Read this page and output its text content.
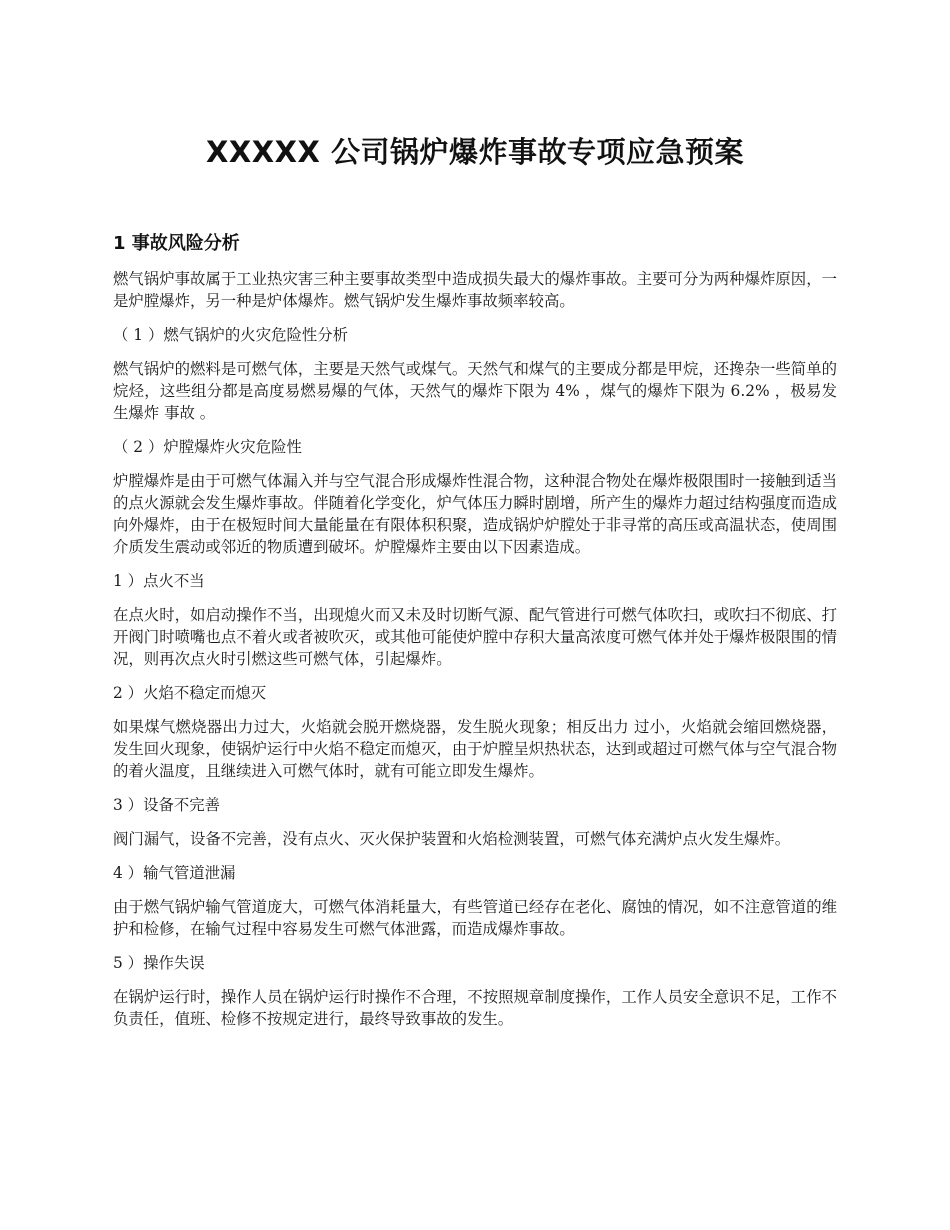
XXXXX 公司锅炉爆炸事故专项应急预案
1 事故风险分析

燃气锅炉事故属于工业热灾害三种主要事故类型中造成损失最大的爆炸事故。主要可分为两种爆炸原因，一是炉膛爆炸，另一种是炉体爆炸。燃气锅炉发生爆炸事故频率较高。

（ 1 ）燃气锅炉的火灾危险性分析

燃气锅炉的燃料是可燃气体，主要是天然气或煤气。天然气和煤气的主要成分都是甲烷，还搀杂一些简单的烷烃，这些组分都是高度易燃易爆的气体，天然气的爆炸下限为 4% ，煤气的爆炸下限为 6.2% ，极易发生爆炸 事故 。

（ 2 ）炉膛爆炸火灾危险性

炉膛爆炸是由于可燃气体漏入并与空气混合形成爆炸性混合物，这种混合物处在爆炸极限围时一接触到适当的点火源就会发生爆炸事故。伴随着化学变化，炉气体压力瞬时剧增，所产生的爆炸力超过结构强度而造成向外爆炸，由于在极短时间大量能量在有限体积积聚，造成锅炉炉膛处于非寻常的高压或高温状态，使周围介质发生震动或邻近的物质遭到破坏。炉膛爆炸主要由以下因素造成。

1 ）点火不当

在点火时，如启动操作不当，出现熄火而又未及时切断气源、配气管进行可燃气体吹扫，或吹扫不彻底、打开阀门时喷嘴也点不着火或者被吹灭，或其他可能使炉膛中存积大量高浓度可燃气体并处于爆炸极限围的情况，则再次点火时引燃这些可燃气体，引起爆炸。

2 ）火焰不稳定而熄灭

如果煤气燃烧器出力过大，火焰就会脱开燃烧器，发生脱火现象；相反出力 过小，火焰就会缩回燃烧器，发生回火现象，使锅炉运行中火焰不稳定而熄灭，由于炉膛呈炽热状态，达到或超过可燃气体与空气混合物的着火温度，且继续进入可燃气体时，就有可能立即发生爆炸。

3 ）设备不完善

阀门漏气，设备不完善，没有点火、灭火保护装置和火焰检测装置，可燃气体充满炉点火发生爆炸。

4 ）输气管道泄漏

由于燃气锅炉输气管道庞大，可燃气体消耗量大，有些管道已经存在老化、腐蚀的情况，如不注意管道的维护和检修，在输气过程中容易发生可燃气体泄露，而造成爆炸事故。

5 ）操作失误

在锅炉运行时，操作人员在锅炉运行时操作不合理，不按照规章制度操作，工作人员安全意识不足，工作不负责任，值班、检修不按规定进行，最终导致事故的发生。
